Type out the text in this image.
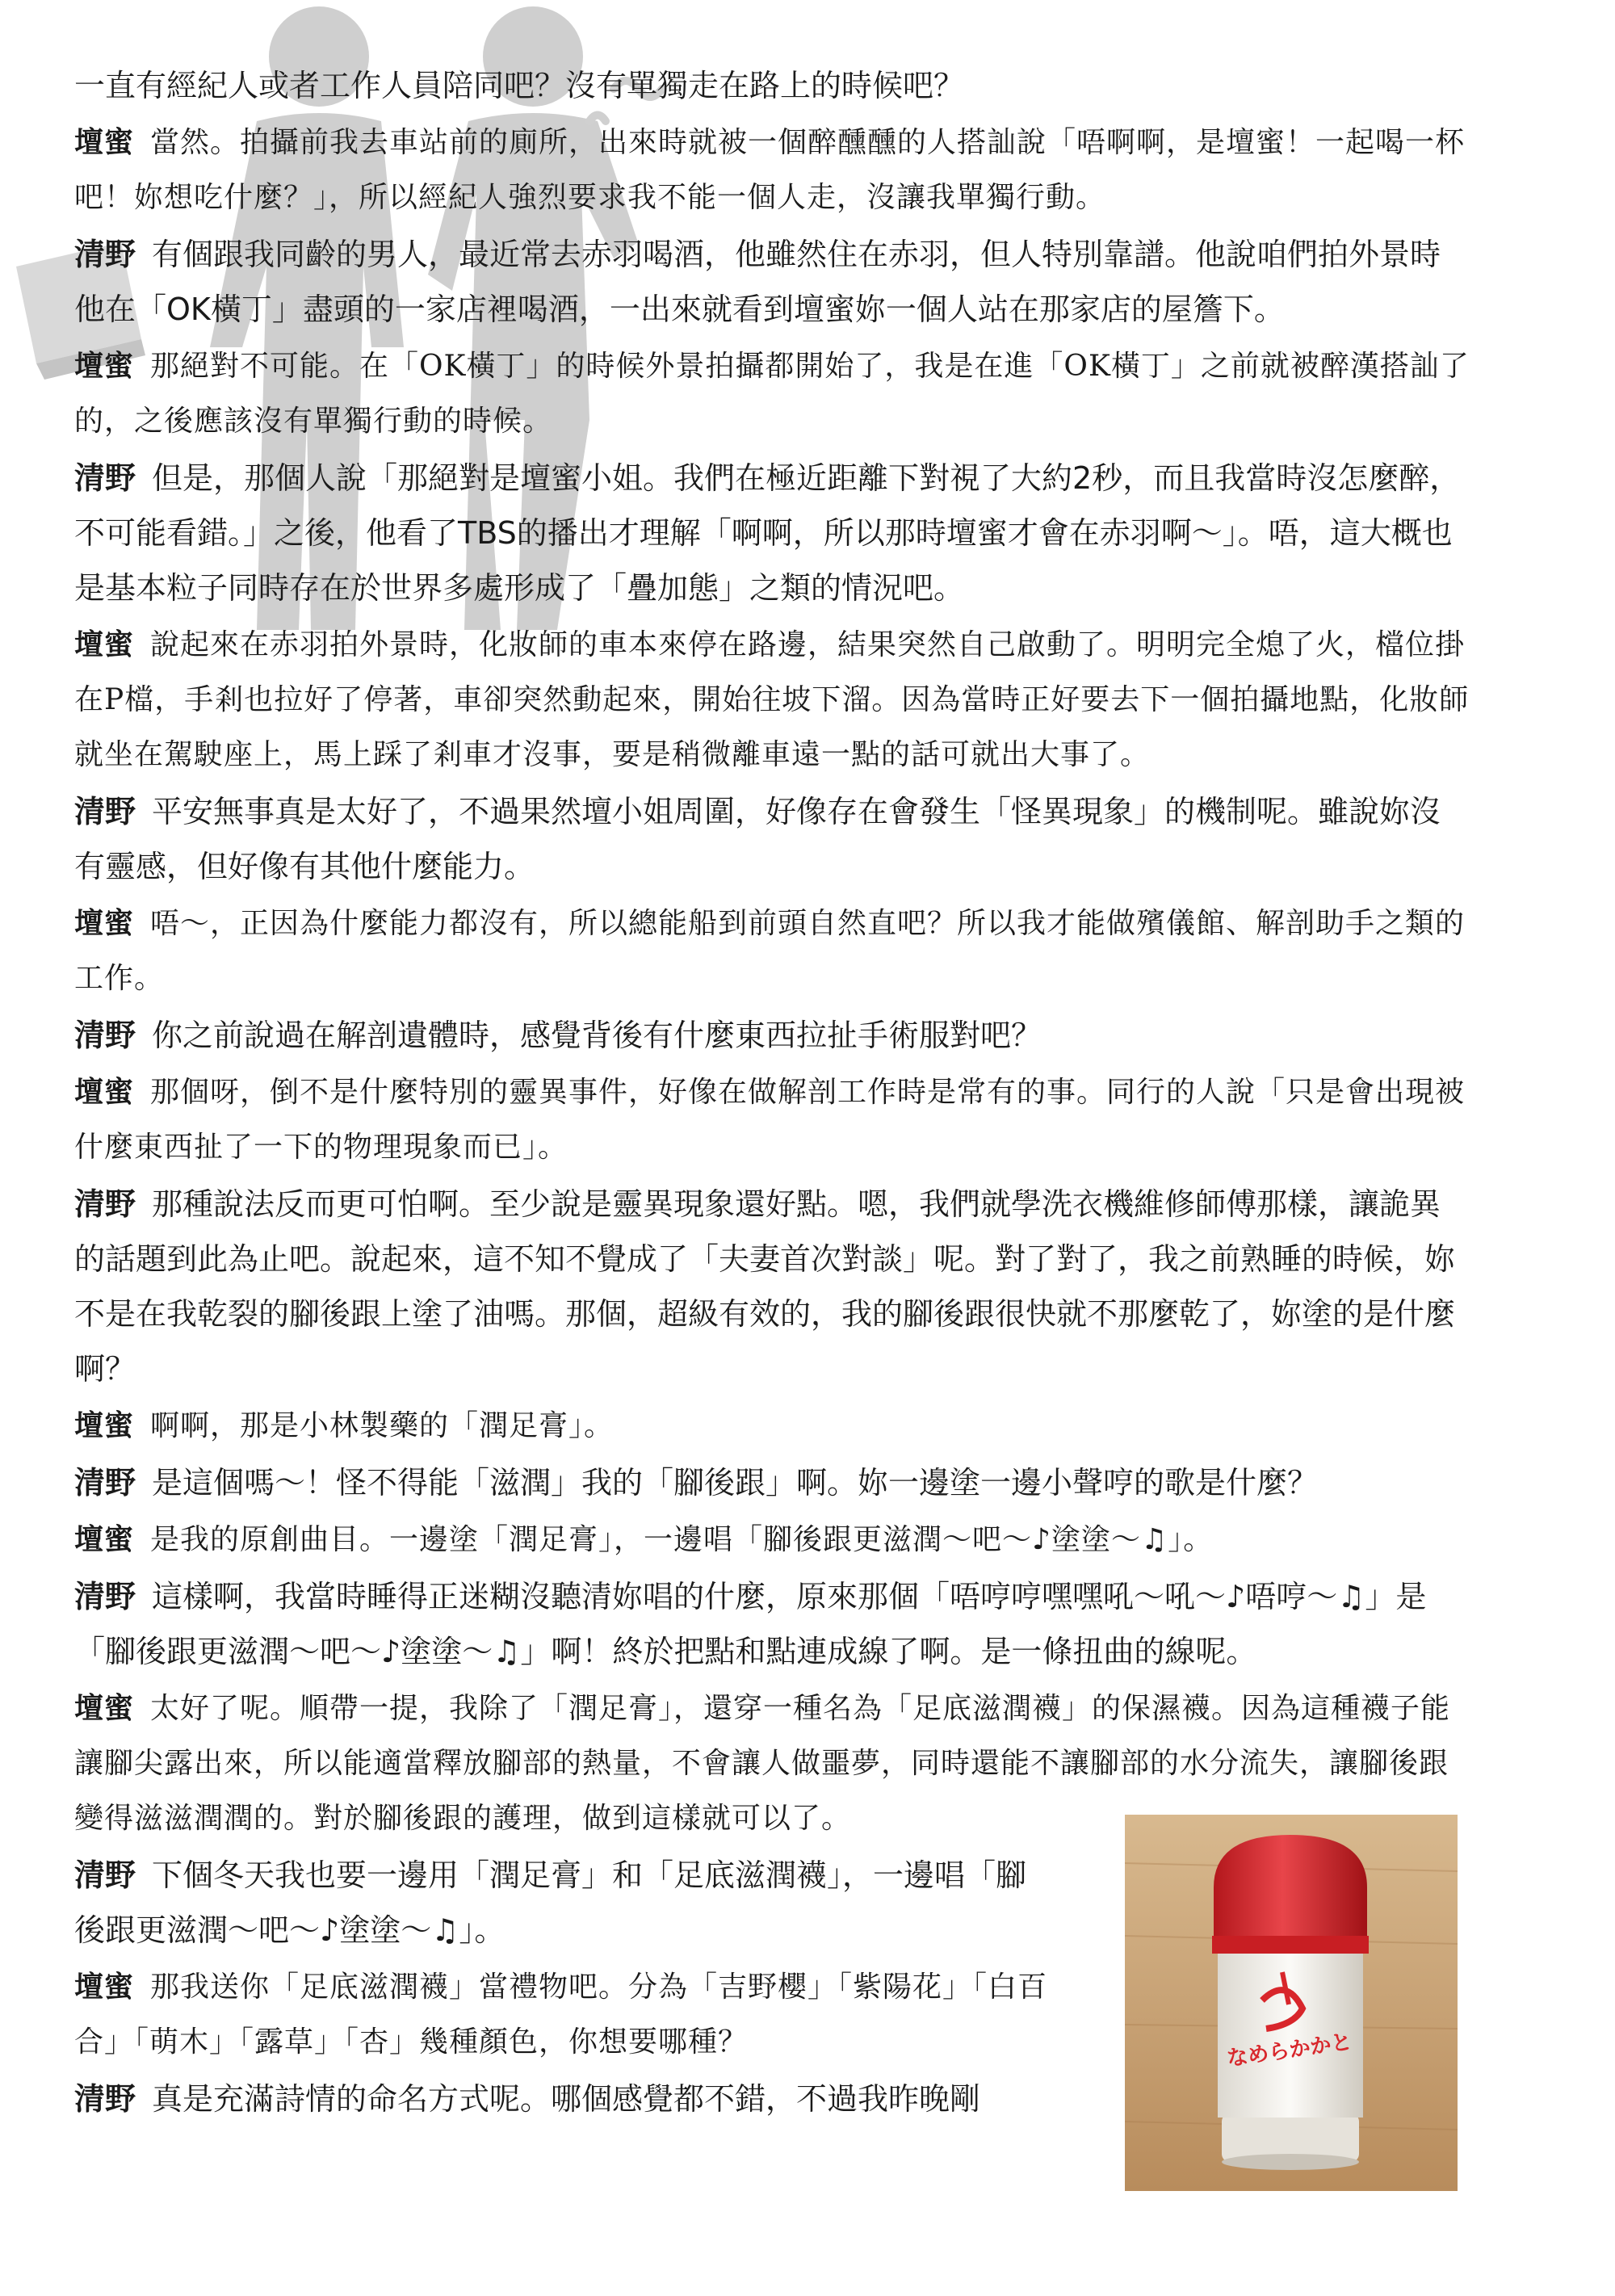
一直有經紀人或者工作人員陪同吧？沒有單獨走在路上的時候吧？

壇蜜 當然。拍攝前我去車站前的廁所，出來時就被一個醉醺醺的人搭訕說「唔啊啊，是壇蜜！一起喝一杯吧！妳想吃什麼？」，所以經紀人強烈要求我不能一個人走，沒讓我單獨行動。

清野 有個跟我同齡的男人，最近常去赤羽喝酒，他雖然住在赤羽，但人特別靠譜。他說咱們拍外景時他在「OK橫丁」盡頭的一家店裡喝酒，一出來就看到壇蜜妳一個人站在那家店的屋簷下。

壇蜜 那絕對不可能。在「OK橫丁」的時候外景拍攝都開始了，我是在進「OK橫丁」之前就被醉漢搭訕了的，之後應該沒有單獨行動的時候。

清野 但是，那個人說「那絕對是壇蜜小姐。我們在極近距離下對視了大約2秒，而且我當時沒怎麼醉，不可能看錯。」之後，他看了TBS的播出才理解「啊啊，所以那時壇蜜才會在赤羽啊～」。唔，這大概也是基本粒子同時存在於世界多處形成了「疊加態」之類的情況吧。

壇蜜 說起來在赤羽拍外景時，化妝師的車本來停在路邊，結果突然自己啟動了。明明完全熄了火，檔位掛在P檔，手剎也拉好了停著，車卻突然動起來，開始往坡下溜。因為當時正好要去下一個拍攝地點，化妝師就坐在駕駛座上，馬上踩了剎車才沒事，要是稍微離車遠一點的話可就出大事了。

清野 平安無事真是太好了，不過果然壇小姐周圍，好像存在會發生「怪異現象」的機制呢。雖說妳沒有靈感，但好像有其他什麼能力。

壇蜜 唔～，正因為什麼能力都沒有，所以總能船到前頭自然直吧？所以我才能做殯儀館、解剖助手之類的工作。

清野 你之前說過在解剖遺體時，感覺背後有什麼東西拉扯手術服對吧？

壇蜜 那個呀，倒不是什麼特別的靈異事件，好像在做解剖工作時是常有的事。同行的人說「只是會出現被什麼東西扯了一下的物理現象而已」。

清野 那種說法反而更可怕啊。至少說是靈異現象還好點。嗯，我們就學洗衣機維修師傅那樣，讓詭異的話題到此為止吧。說起來，這不知不覺成了「夫妻首次對談」呢。對了對了，我之前熟睡的時候，妳不是在我乾裂的腳後跟上塗了油嗎。那個，超級有效的，我的腳後跟很快就不那麼乾了，妳塗的是什麼啊？

壇蜜 啊啊，那是小林製藥的「潤足膏」。

清野 是這個嗎～！怪不得能「滋潤」我的「腳後跟」啊。妳一邊塗一邊小聲哼的歌是什麼？

壇蜜 是我的原創曲目。一邊塗「潤足膏」，一邊唱「腳後跟更滋潤～吧～♪塗塗～♫」。

清野 這樣啊，我當時睡得正迷糊沒聽清妳唱的什麼，原來那個「唔哼哼嘿嘿吼～吼～♪唔哼～♫」是「腳後跟更滋潤～吧～♪塗塗～♫」啊！終於把點和點連成線了啊。是一條扭曲的線呢。

壇蜜 太好了呢。順帶一提，我除了「潤足膏」，還穿一種名為「足底滋潤襪」的保濕襪。因為這種襪子能讓腳尖露出來，所以能適當釋放腳部的熱量，不會讓人做噩夢，同時還能不讓腳部的水分流失，讓腳後跟變得滋滋潤潤的。對於腳後跟的護理，做到這樣就可以了。

清野 下個冬天我也要一邊用「潤足膏」和「足底滋潤襪」，一邊唱「腳後跟更滋潤～吧～♪塗塗～♫」。

壇蜜 那我送你「足底滋潤襪」當禮物吧。分為「吉野櫻」「紫陽花」「白百合」「萌木」「露草」「杏」幾種顏色，你想要哪種？

清野 真是充滿詩情的命名方式呢。哪個感覺都不錯，不過我昨晚剛

なめらかかと
